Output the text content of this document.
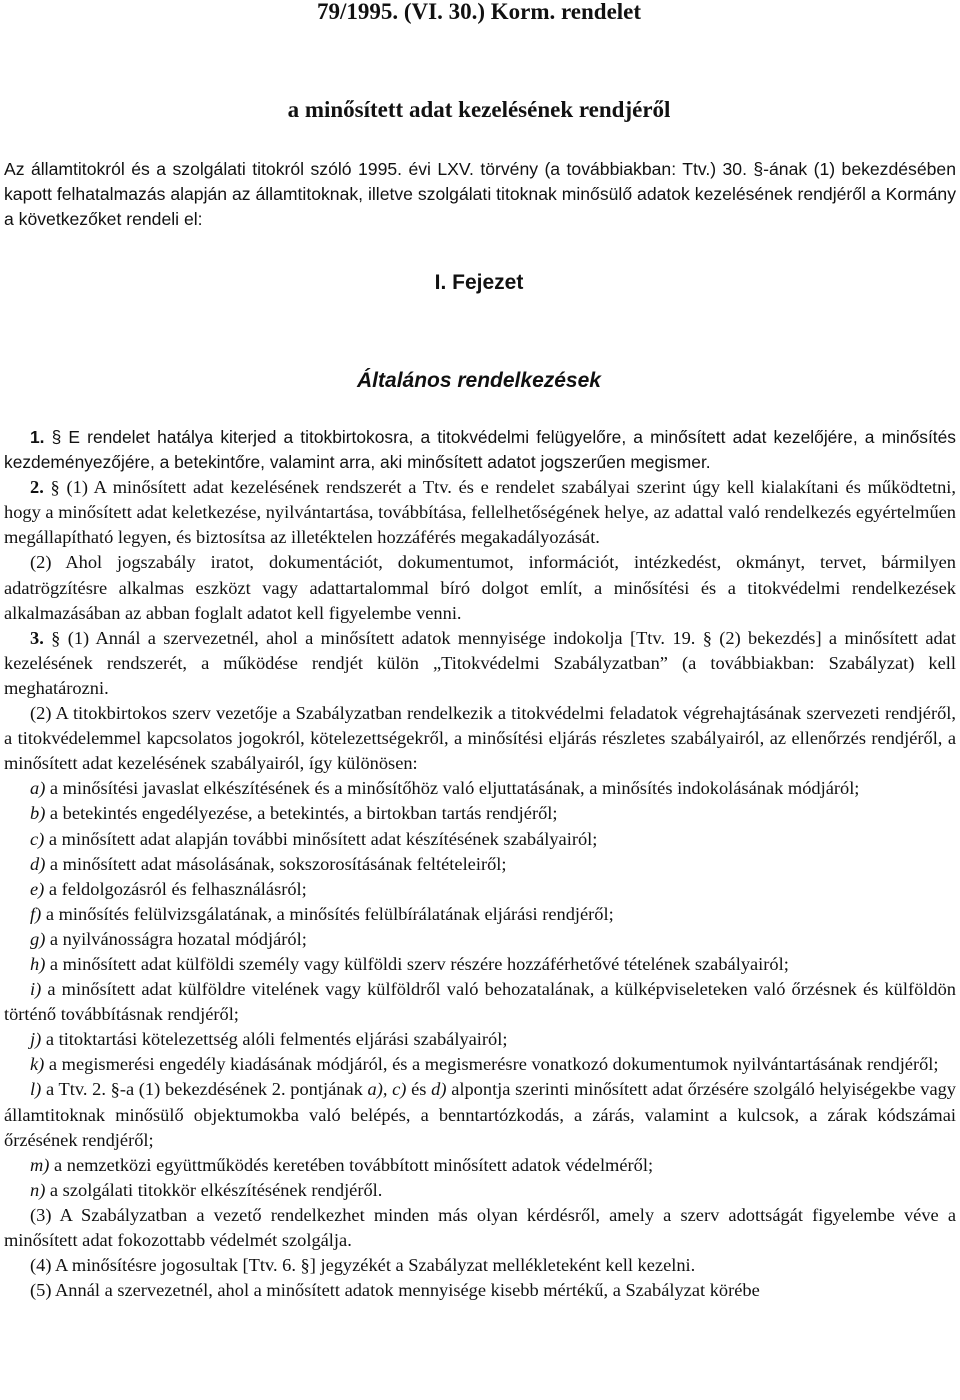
79/1995. (VI. 30.) Korm. rendelet
a minősített adat kezelésének rendjéről
Az államtitokról és a szolgálati titokról szóló 1995. évi LXV. törvény (a továbbiakban: Ttv.) 30. §-ának (1) bekezdésében kapott felhatalmazás alapján az államtitoknak, illetve szolgálati titoknak minősülő adatok kezelésének rendjéről a Kormány a következőket rendeli el:
I. Fejezet
Általános rendelkezések

1. § E rendelet hatálya kiterjed a titokbirtokosra, a titokvédelmi felügyelőre, a minősített adat kezelőjére, a minősítés kezdeményezőjére, a betekintőre, valamint arra, aki minősített adatot jogszerűen megismer.

2. § (1) A minősített adat kezelésének rendszerét a Ttv. és e rendelet szabályai szerint úgy kell kialakítani és működtetni, hogy a minősített adat keletkezése, nyilvántartása, továbbítása, fellelhetőségének helye, az adattal való rendelkezés egyértelműen megállapítható legyen, és biztosítsa az illetéktelen hozzáférés megakadályozását.

(2) Ahol jogszabály iratot, dokumentációt, dokumentumot, információt, intézkedést, okmányt, tervet, bármilyen adatrögzítésre alkalmas eszközt vagy adattartalommal bíró dolgot említ, a minősítési és a titokvédelmi rendelkezések alkalmazásában az abban foglalt adatot kell figyelembe venni.

3. § (1) Annál a szervezetnél, ahol a minősített adatok mennyisége indokolja [Ttv. 19. § (2) bekezdés] a minősített adat kezelésének rendszerét, a működése rendjét külön „Titokvédelmi Szabályzatban” (a továbbiakban: Szabályzat) kell meghatározni.

(2) A titokbirtokos szerv vezetője a Szabályzatban rendelkezik a titokvédelmi feladatok végrehajtásának szervezeti rendjéről, a titokvédelemmel kapcsolatos jogokról, kötelezettségekről, a minősítési eljárás részletes szabályairól, az ellenőrzés rendjéről, a minősített adat kezelésének szabályairól, így különösen:

a) a minősítési javaslat elkészítésének és a minősítőhöz való eljuttatásának, a minősítés indokolásának módjáról;

b) a betekintés engedélyezése, a betekintés, a birtokban tartás rendjéről;

c) a minősített adat alapján további minősített adat készítésének szabályairól;

d) a minősített adat másolásának, sokszorosításának feltételeiről;

e) a feldolgozásról és felhasználásról;

f) a minősítés felülvizsgálatának, a minősítés felülbírálatának eljárási rendjéről;

g) a nyilvánosságra hozatal módjáról;

h) a minősített adat külföldi személy vagy külföldi szerv részére hozzáférhetővé tételének szabályairól;

i) a minősített adat külföldre vitelének vagy külföldről való behozatalának, a külképviseleteken való őrzésnek és külföldön történő továbbításnak rendjéről;

j) a titoktartási kötelezettség alóli felmentés eljárási szabályairól;

k) a megismerési engedély kiadásának módjáról, és a megismerésre vonatkozó dokumentumok nyilvántartásának rendjéről;

l) a Ttv. 2. §-a (1) bekezdésének 2. pontjának a), c) és d) alpontja szerinti minősített adat őrzésére szolgáló helyiségekbe vagy államtitoknak minősülő objektumokba való belépés, a benntartózkodás, a zárás, valamint a kulcsok, a zárak kódszámai őrzésének rendjéről;

m) a nemzetközi együttműködés keretében továbbított minősített adatok védelméről;

n) a szolgálati titokkör elkészítésének rendjéről.

(3) A Szabályzatban a vezető rendelkezhet minden más olyan kérdésről, amely a szerv adottságát figyelembe véve a minősített adat fokozottabb védelmét szolgálja.

(4) A minősítésre jogosultak [Ttv. 6. §] jegyzékét a Szabályzat mellékleteként kell kezelni.

(5) Annál a szervezetnél, ahol a minősített adatok mennyisége kisebb mértékű, a Szabályzat körébe
